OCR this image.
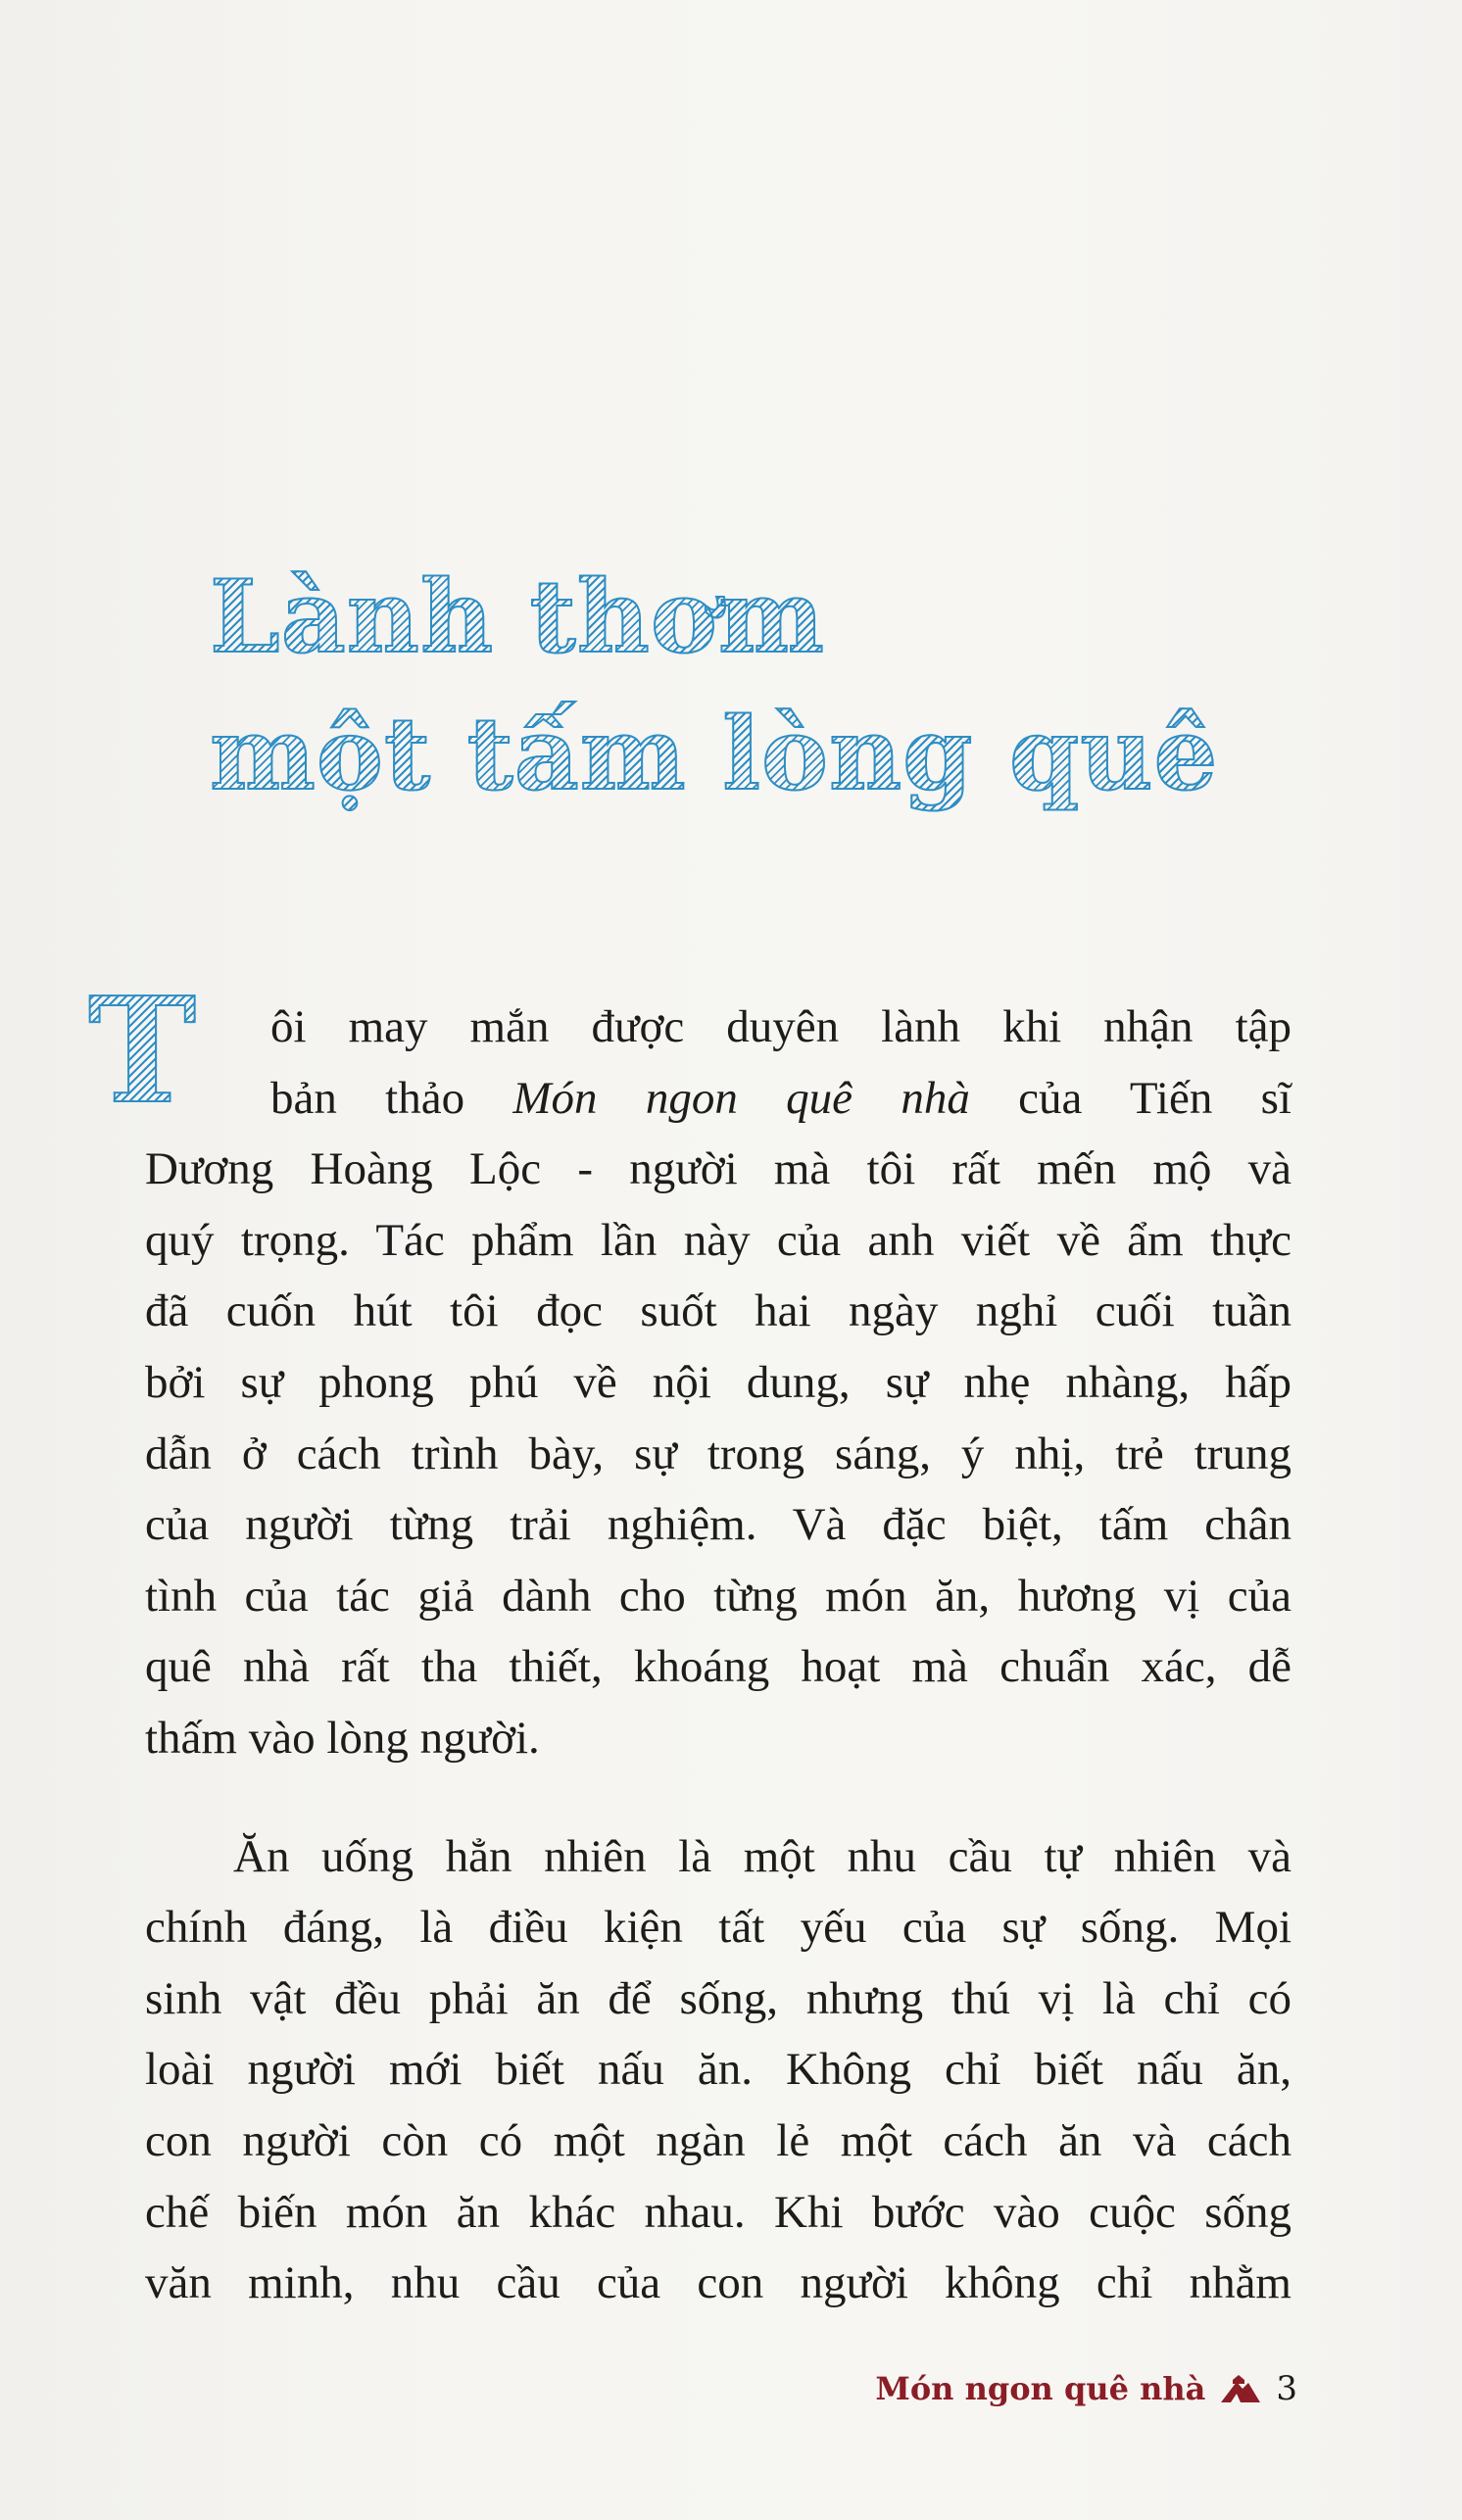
Lành thơm
một tấm lòng quê
T	ôi may mắn được duyên lành khi nhận tập
bản thảo Món ngon quê nhà của Tiến sĩ
Dương Hoàng Lộc - người mà tôi rất mến mộ và
quý trọng. Tác phẩm lần này của anh viết về ẩm thực
đã cuốn hút tôi đọc suốt hai ngày nghỉ cuối tuần
bởi sự phong phú về nội dung, sự nhẹ nhàng, hấp
dẫn ở cách trình bày, sự trong sáng, ý nhị, trẻ trung
của người từng trải nghiệm. Và đặc biệt, tấm chân
tình của tác giả dành cho từng món ăn, hương vị của
quê nhà rất tha thiết, khoáng hoạt mà chuẩn xác, dễ
thấm vào lòng người.
Ăn uống hẳn nhiên là một nhu cầu tự nhiên và
chính đáng, là điều kiện tất yếu của sự sống. Mọi
sinh vật đều phải ăn để sống, nhưng thú vị là chỉ có
loài người mới biết nấu ăn. Không chỉ biết nấu ăn,
con người còn có một ngàn lẻ một cách ăn và cách
chế biến món ăn khác nhau. Khi bước vào cuộc sống
văn minh, nhu cầu của con người không chỉ nhằm
Món ngon quê nhà 3
